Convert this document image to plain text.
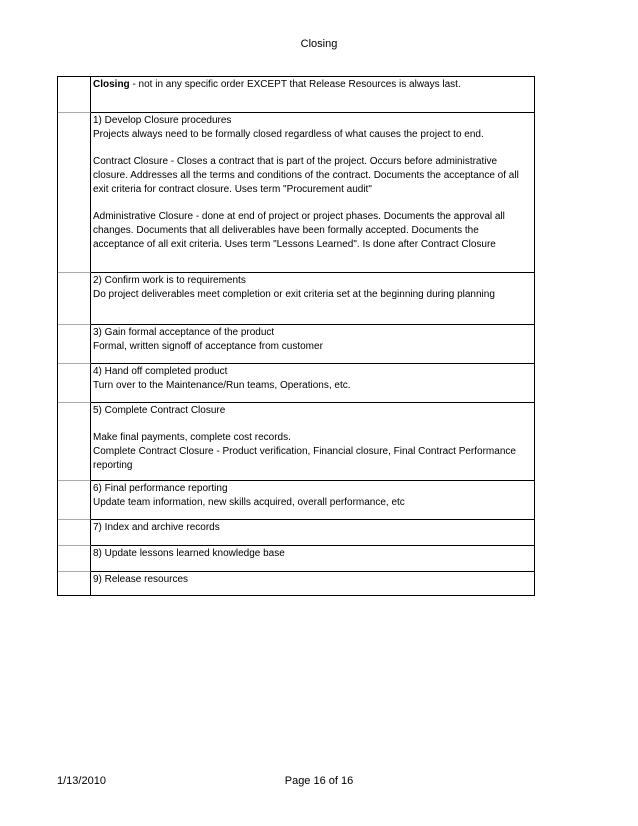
Closing
Closing - not in any specific order EXCEPT that Release Resources is always last.
1) Develop Closure procedures
Projects always need to be formally closed regardless of what causes the project to end.
Contract Closure - Closes a contract that is part of the project. Occurs before administrative closure. Addresses all the terms and conditions of the contract. Documents the acceptance of all exit criteria for contract closure. Uses term "Procurement audit"
Administrative Closure - done at end of project or project phases. Documents the approval all changes. Documents that all deliverables have been formally accepted. Documents the acceptance of all exit criteria. Uses term "Lessons Learned". Is done after Contract Closure
2) Confirm work is to requirements
Do project deliverables meet completion or exit criteria set at the beginning during planning
3) Gain formal acceptance of the product
Formal, written signoff of acceptance from customer
4) Hand off completed product
Turn over to the Maintenance/Run teams, Operations, etc.
5) Complete Contract Closure
Make final payments, complete cost records.
Complete Contract Closure - Product verification, Financial closure, Final Contract Performance reporting
6) Final performance reporting
Update team information, new skills acquired, overall performance, etc
7) Index and archive records
8) Update lessons learned knowledge base
9) Release resources
1/13/2010	Page 16 of 16
